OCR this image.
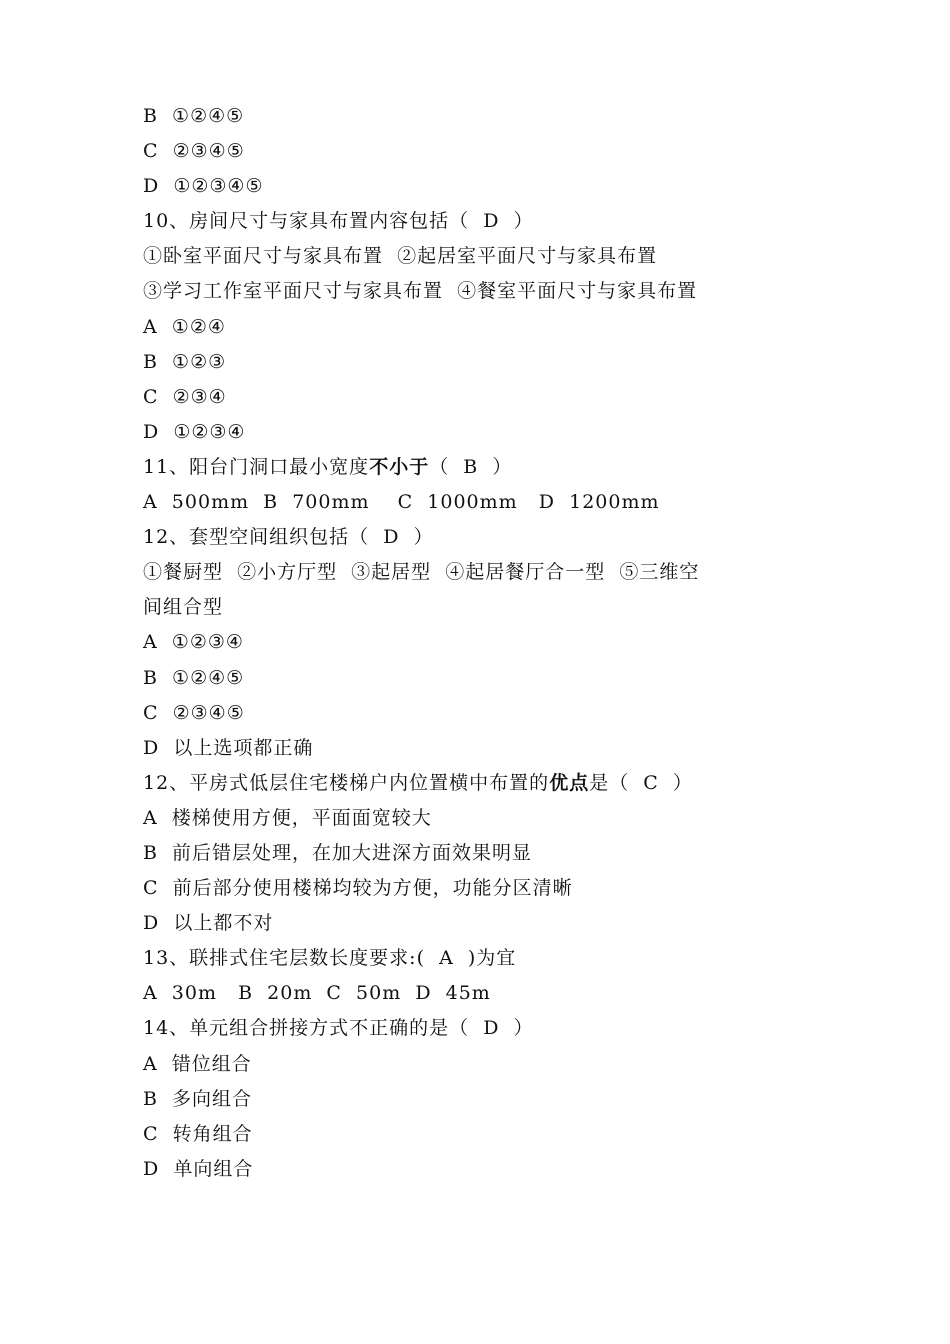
B  ①②④⑤
C  ②③④⑤
D  ①②③④⑤
10、房间尺寸与家具布置内容包括（  D  ）
①卧室平面尺寸与家具布置  ②起居室平面尺寸与家具布置
③学习工作室平面尺寸与家具布置  ④餐室平面尺寸与家具布置
A  ①②④
B  ①②③
C  ②③④
D  ①②③④
11、阳台门洞口最小宽度不小于（  B  ）
A  500mm  B  700mm    C  1000mm   D  1200mm
12、套型空间组织包括（  D  ）
①餐厨型  ②小方厅型  ③起居型  ④起居餐厅合一型  ⑤三维空
间组合型
A  ①②③④
B  ①②④⑤
C  ②③④⑤
D  以上选项都正确
12、平房式低层住宅楼梯户内位置横中布置的优点是（  C  ）
A  楼梯使用方便，平面面宽较大
B  前后错层处理，在加大进深方面效果明显
C  前后部分使用楼梯均较为方便，功能分区清晰
D  以上都不对
13、联排式住宅层数长度要求:(  A  )为宜
A  30m   B  20m  C  50m  D  45m
14、单元组合拼接方式不正确的是（  D  ）
A  错位组合
B  多向组合
C  转角组合
D  单向组合
